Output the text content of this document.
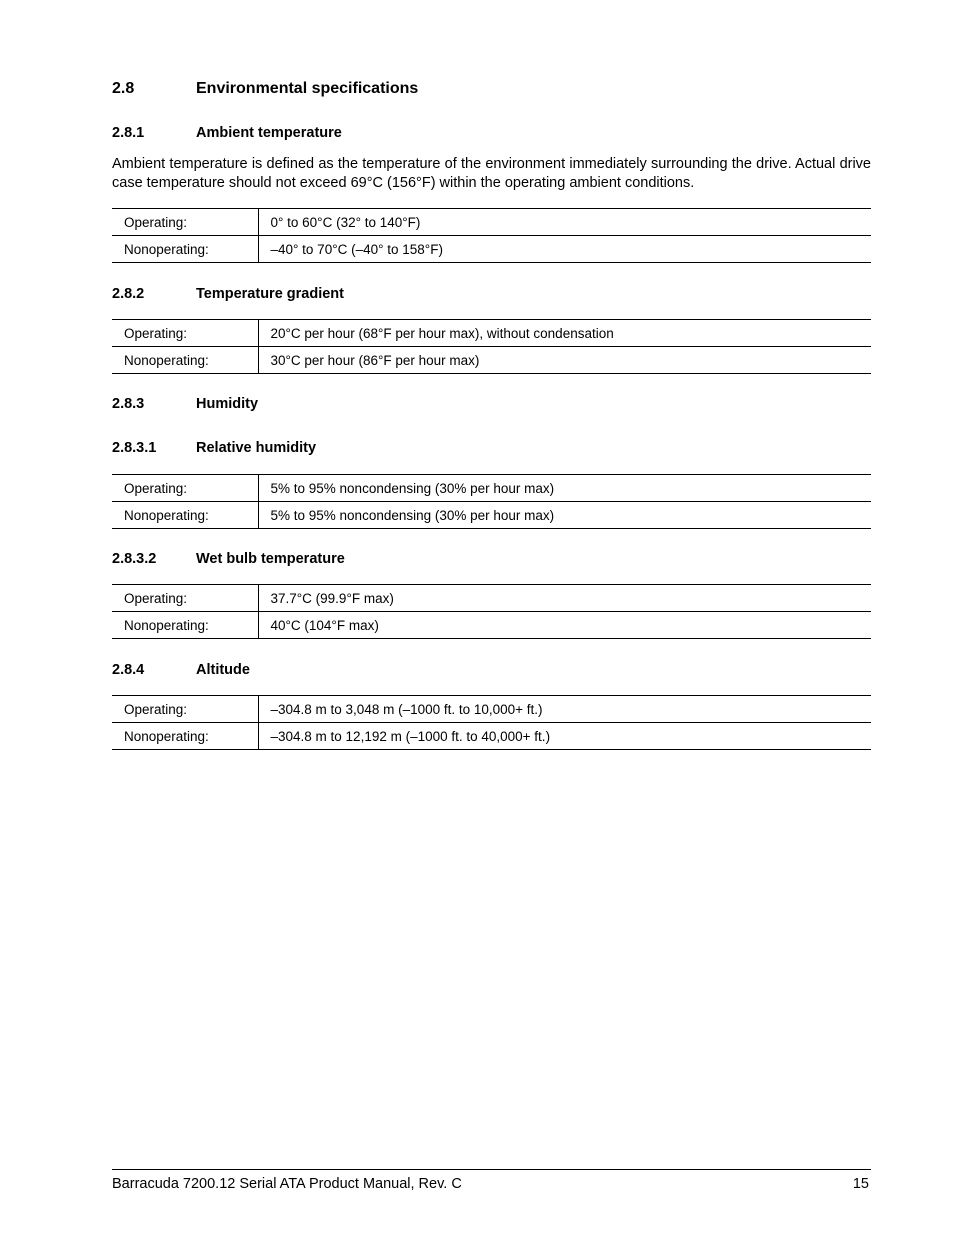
2.8	Environmental specifications
2.8.1	Ambient temperature

Ambient temperature is defined as the temperature of the environment immediately surrounding the drive. Actual drive case temperature should not exceed 69°C (156°F) within the operating ambient conditions.

Operating:	0° to 60°C (32° to 140°F)
Nonoperating:	–40° to 70°C (–40° to 158°F)
2.8.2	Temperature gradient
Operating:	20°C per hour (68°F per hour max), without condensation
Nonoperating:	30°C per hour (86°F per hour max)
2.8.3	Humidity
2.8.3.1	Relative humidity
Operating:	5% to 95% noncondensing (30% per hour max)
Nonoperating:	5% to 95% noncondensing (30% per hour max)
2.8.3.2	Wet bulb temperature
Operating:	37.7°C (99.9°F max)
Nonoperating:	40°C (104°F max)
2.8.4	Altitude
Operating:	–304.8 m to 3,048 m (–1000 ft. to 10,000+ ft.)
Nonoperating:	–304.8 m to 12,192 m (–1000 ft. to 40,000+ ft.)
Barracuda 7200.12 Serial ATA Product Manual, Rev. C	15
